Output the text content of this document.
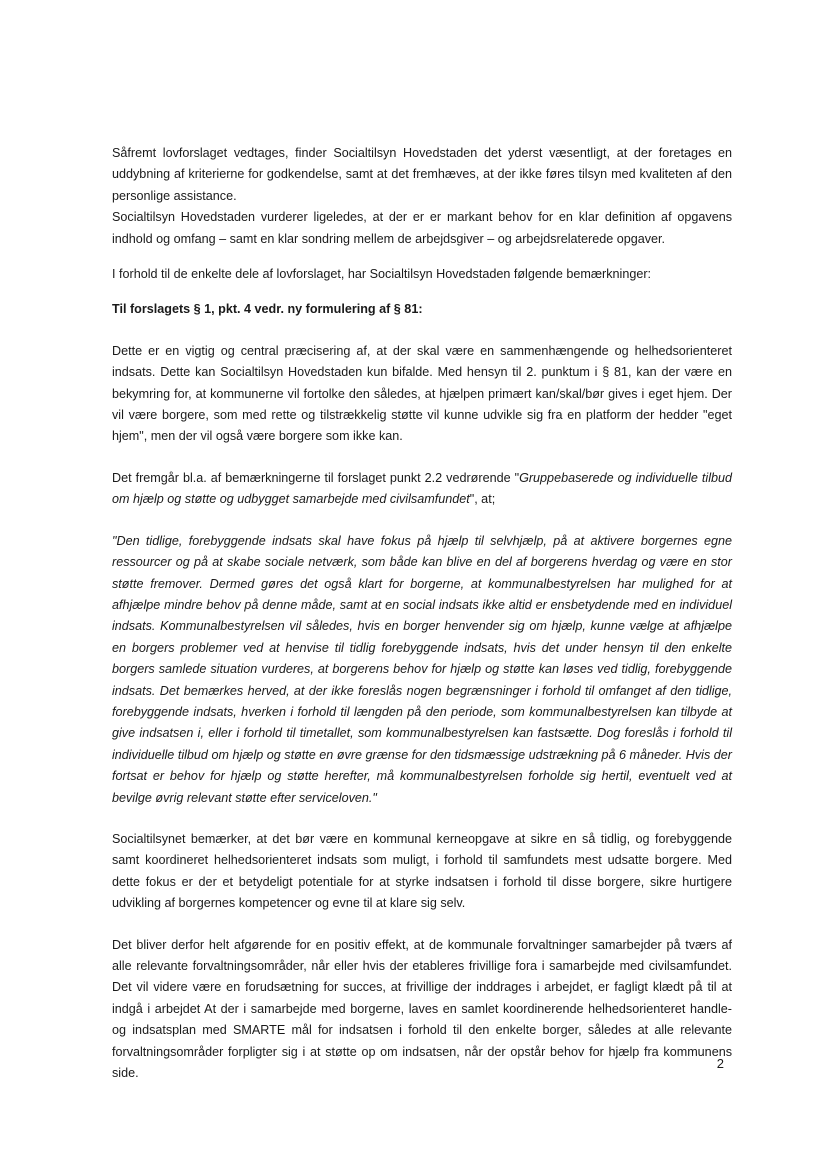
Såfremt lovforslaget vedtages, finder Socialtilsyn Hovedstaden det yderst væsentligt, at der foretages en uddybning af kriterierne for godkendelse, samt at det fremhæves, at der ikke føres tilsyn med kvaliteten af den personlige assistance.

Socialtilsyn Hovedstaden vurderer ligeledes, at der er er markant behov for en klar definition af opgavens indhold og omfang – samt en klar sondring mellem de arbejdsgiver – og arbejdsrelaterede opgaver.

I forhold til de enkelte dele af lovforslaget, har Socialtilsyn Hovedstaden følgende bemærkninger:

Til forslagets § 1, pkt. 4 vedr. ny formulering af § 81:

Dette er en vigtig og central præcisering af, at der skal være en sammenhængende og helhedsorienteret indsats. Dette kan Socialtilsyn Hovedstaden kun bifalde. Med hensyn til 2. punktum i § 81, kan der være en bekymring for, at kommunerne vil fortolke den således, at hjælpen primært kan/skal/bør gives i eget hjem. Der vil være borgere, som med rette og tilstrækkelig støtte vil kunne udvikle sig fra en platform der hedder "eget hjem", men der vil også være borgere som ikke kan.

Det fremgår bl.a. af bemærkningerne til forslaget punkt 2.2 vedrørende "Gruppebaserede og individuelle tilbud om hjælp og støtte og udbygget samarbejde med civilsamfundet", at;

"Den tidlige, forebyggende indsats skal have fokus på hjælp til selvhjælp, på at aktivere borgernes egne ressourcer og på at skabe sociale netværk, som både kan blive en del af borgerens hverdag og være en stor støtte fremover. Dermed gøres det også klart for borgerne, at kommunalbestyrelsen har mulighed for at afhjælpe mindre behov på denne måde, samt at en social indsats ikke altid er ensbetydende med en individuel indsats. Kommunalbestyrelsen vil således, hvis en borger henvender sig om hjælp, kunne vælge at afhjælpe en borgers problemer ved at henvise til tidlig forebyggende indsats, hvis det under hensyn til den enkelte borgers samlede situation vurderes, at borgerens behov for hjælp og støtte kan løses ved tidlig, forebyggende indsats. Det bemærkes herved, at der ikke foreslås nogen begrænsninger i forhold til omfanget af den tidlige, forebyggende indsats, hverken i forhold til længden på den periode, som kommunalbestyrelsen kan tilbyde at give indsatsen i, eller i forhold til timetallet, som kommunalbestyrelsen kan fastsætte. Dog foreslås i forhold til individuelle tilbud om hjælp og støtte en øvre grænse for den tidsmæssige udstrækning på 6 måneder. Hvis der fortsat er behov for hjælp og støtte herefter, må kommunalbestyrelsen forholde sig hertil, eventuelt ved at bevilge øvrig relevant støtte efter serviceloven."

Socialtilsynet bemærker, at det bør være en kommunal kerneopgave at sikre en så tidlig, og forebyggende samt koordineret helhedsorienteret indsats som muligt, i forhold til samfundets mest udsatte borgere. Med dette fokus er der et betydeligt potentiale for at styrke indsatsen i forhold til disse borgere, sikre hurtigere udvikling af borgernes kompetencer og evne til at klare sig selv.

Det bliver derfor helt afgørende for en positiv effekt, at de kommunale forvaltninger samarbejder på tværs af alle relevante forvaltningsområder, når eller hvis der etableres frivillige fora i samarbejde med civilsamfundet. Det vil videre være en forudsætning for succes, at frivillige der inddrages i arbejdet, er fagligt klædt på til at indgå i arbejdet At der i samarbejde med borgerne, laves en samlet koordinerende helhedsorienteret handle- og indsatsplan med SMARTE mål for indsatsen i forhold til den enkelte borger, således at alle relevante forvaltningsområder forpligter sig i at støtte op om indsatsen, når der opstår behov for hjælp fra kommunens side.

2
